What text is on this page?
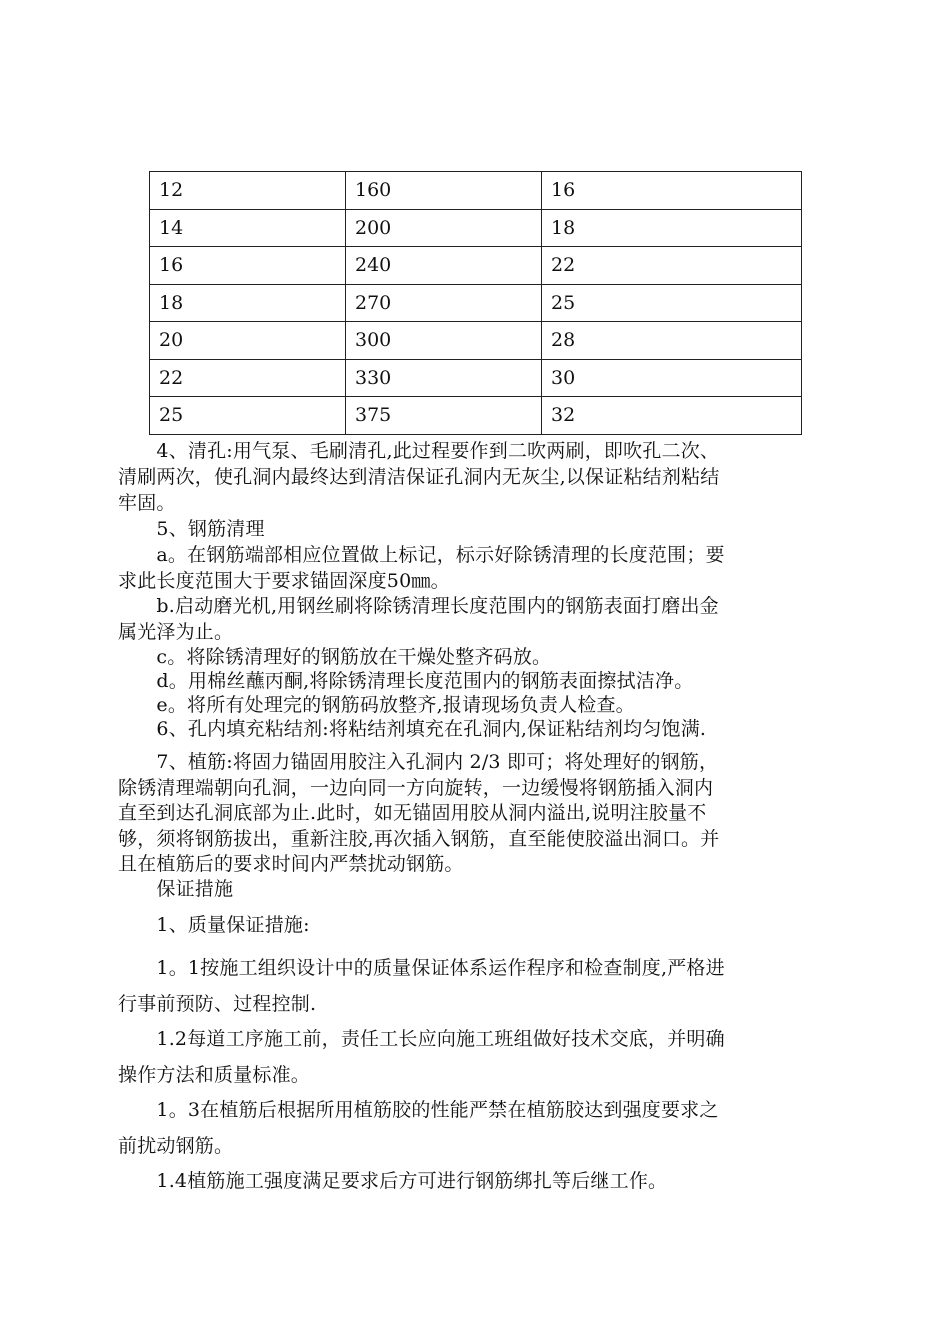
12	160	16
14	200	18
16	240	22
18	270	25
20	300	28
22	330	30
25	375	32
　　4、清孔:用气泵、毛刷清孔,此过程要作到二吹两刷，即吹孔二次、
清刷两次，使孔洞内最终达到清洁保证孔洞内无灰尘,以保证粘结剂粘结
牢固。
　　5、钢筋清理
　　a。在钢筋端部相应位置做上标记，标示好除锈清理的长度范围；要
求此长度范围大于要求锚固深度50㎜。
　　b.启动磨光机,用钢丝刷将除锈清理长度范围内的钢筋表面打磨出金
属光泽为止。
　　c。将除锈清理好的钢筋放在干燥处整齐码放。
　　d。用棉丝蘸丙酮,将除锈清理长度范围内的钢筋表面擦拭洁净。
　　e。将所有处理完的钢筋码放整齐,报请现场负责人检查。
　　6、孔内填充粘结剂:将粘结剂填充在孔洞内,保证粘结剂均匀饱满.
　　7、植筋:将固力锚固用胶注入孔洞内 2/3 即可；将处理好的钢筋，
除锈清理端朝向孔洞，一边向同一方向旋转，一边缓慢将钢筋插入洞内
直至到达孔洞底部为止.此时，如无锚固用胶从洞内溢出,说明注胶量不
够，须将钢筋拔出，重新注胶,再次插入钢筋，直至能使胶溢出洞口。并
且在植筋后的要求时间内严禁扰动钢筋。
　　保证措施
　　1、质量保证措施:
　　1。1按施工组织设计中的质量保证体系运作程序和检查制度,严格进
行事前预防、过程控制.
　　1.2每道工序施工前，责任工长应向施工班组做好技术交底，并明确
操作方法和质量标准。
　　1。3在植筋后根据所用植筋胶的性能严禁在植筋胶达到强度要求之
前扰动钢筋。
　　1.4植筋施工强度满足要求后方可进行钢筋绑扎等后继工作。
